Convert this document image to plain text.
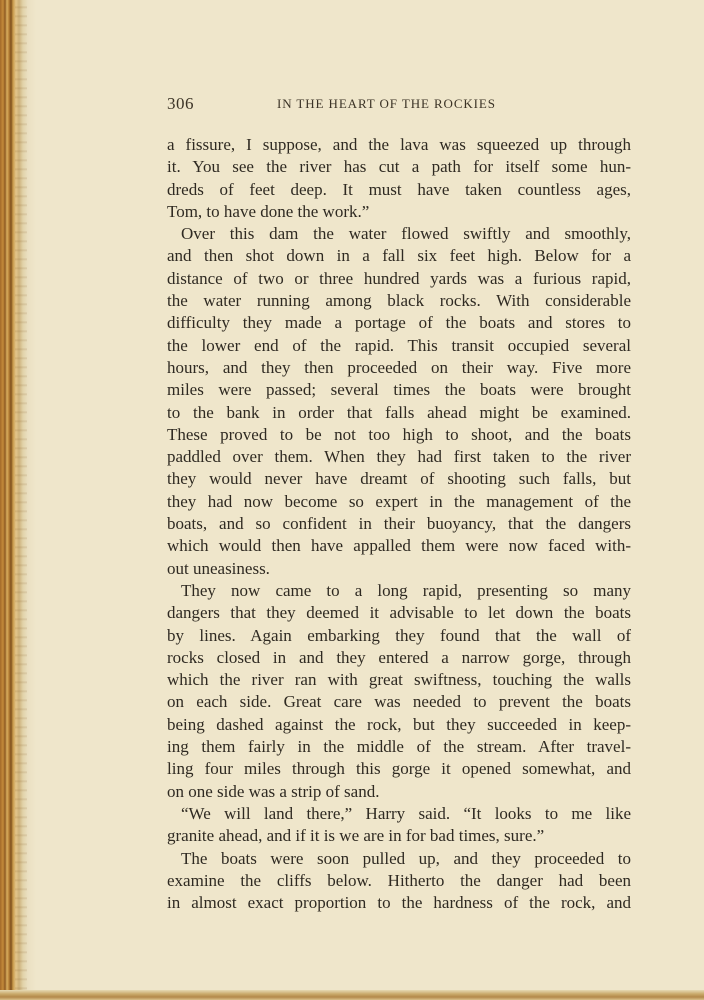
306	IN THE HEART OF THE ROCKIES
a fissure, I suppose, and the lava was squeezed up through
it. You see the river has cut a path for itself some hun-
dreds of feet deep. It must have taken countless ages,
Tom, to have done the work.”
Over this dam the water flowed swiftly and smoothly,
and then shot down in a fall six feet high. Below for a
distance of two or three hundred yards was a furious rapid,
the water running among black rocks. With considerable
difficulty they made a portage of the boats and stores to
the lower end of the rapid. This transit occupied several
hours, and they then proceeded on their way. Five more
miles were passed; several times the boats were brought
to the bank in order that falls ahead might be examined.
These proved to be not too high to shoot, and the boats
paddled over them. When they had first taken to the river
they would never have dreamt of shooting such falls, but
they had now become so expert in the management of the
boats, and so confident in their buoyancy, that the dangers
which would then have appalled them were now faced with-
out uneasiness.
They now came to a long rapid, presenting so many
dangers that they deemed it advisable to let down the boats
by lines. Again embarking they found that the wall of
rocks closed in and they entered a narrow gorge, through
which the river ran with great swiftness, touching the walls
on each side. Great care was needed to prevent the boats
being dashed against the rock, but they succeeded in keep-
ing them fairly in the middle of the stream. After travel-
ling four miles through this gorge it opened somewhat, and
on one side was a strip of sand.
“We will land there,” Harry said. “It looks to me like
granite ahead, and if it is we are in for bad times, sure.”
The boats were soon pulled up, and they proceeded to
examine the cliffs below. Hitherto the danger had been
in almost exact proportion to the hardness of the rock, and
